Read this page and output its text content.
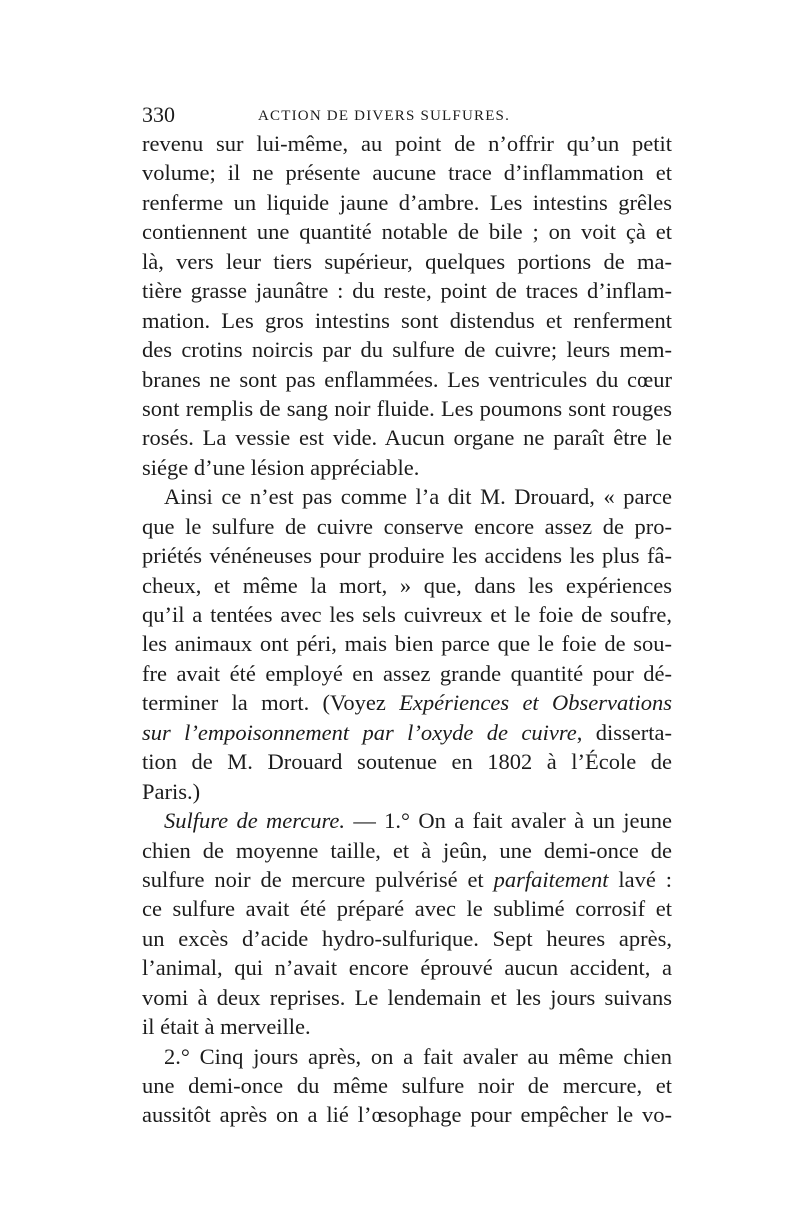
330	ACTION DE DIVERS SULFURES.
revenu sur lui-même, au point de n’offrir qu’un petit
volume; il ne présente aucune trace d’inflammation et
renferme un liquide jaune d’ambre. Les intestins grêles
contiennent une quantité notable de bile ; on voit çà et
là, vers leur tiers supérieur, quelques portions de ma-
tière grasse jaunâtre : du reste, point de traces d’inflam-
mation. Les gros intestins sont distendus et renferment
des crotins noircis par du sulfure de cuivre; leurs mem-
branes ne sont pas enflammées. Les ventricules du cœur
sont remplis de sang noir fluide. Les poumons sont rouges
rosés. La vessie est vide. Aucun organe ne paraît être le
siége d’une lésion appréciable.
Ainsi ce n’est pas comme l’a dit M. Drouard, « parce
que le sulfure de cuivre conserve encore assez de pro-
priétés vénéneuses pour produire les accidens les plus fâ-
cheux, et même la mort, » que, dans les expériences
qu’il a tentées avec les sels cuivreux et le foie de soufre,
les animaux ont péri, mais bien parce que le foie de sou-
fre avait été employé en assez grande quantité pour dé-
terminer la mort. (Voyez Expériences et Observations
sur l’empoisonnement par l’oxyde de cuivre, disserta-
tion de M. Drouard soutenue en 1802 à l’École de
Paris.)
Sulfure de mercure. — 1.° On a fait avaler à un jeune
chien de moyenne taille, et à jeûn, une demi-once de
sulfure noir de mercure pulvérisé et parfaitement lavé :
ce sulfure avait été préparé avec le sublimé corrosif et
un excès d’acide hydro-sulfurique. Sept heures après,
l’animal, qui n’avait encore éprouvé aucun accident, a
vomi à deux reprises. Le lendemain et les jours suivans
il était à merveille.
2.° Cinq jours après, on a fait avaler au même chien
une demi-once du même sulfure noir de mercure, et
aussitôt après on a lié l’œsophage pour empêcher le vo-
